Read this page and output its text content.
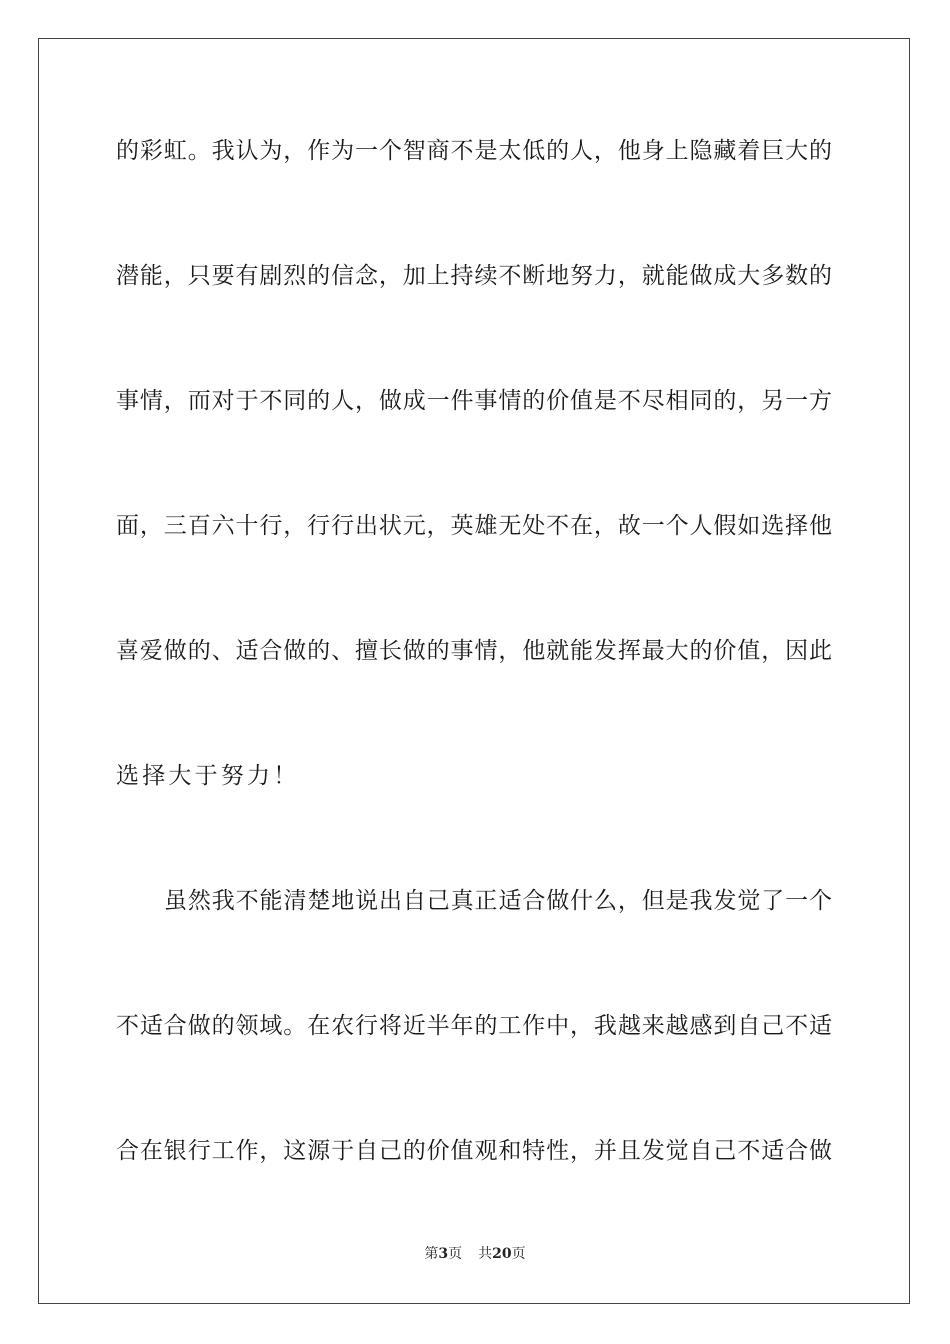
的彩虹。我认为，作为一个智商不是太低的人，他身上隐藏着巨大的
潜能，只要有剧烈的信念，加上持续不断地努力，就能做成大多数的
事情，而对于不同的人，做成一件事情的价值是不尽相同的，另一方
面，三百六十行，行行出状元，英雄无处不在，故一个人假如选择他
喜爱做的、适合做的、擅长做的事情，他就能发挥最大的价值，因此
选择大于努力！
虽然我不能清楚地说出自己真正适合做什么，但是我发觉了一个
不适合做的领域。在农行将近半年的工作中，我越来越感到自己不适
合在银行工作，这源于自己的价值观和特性，并且发觉自己不适合做
第3页 共20页
